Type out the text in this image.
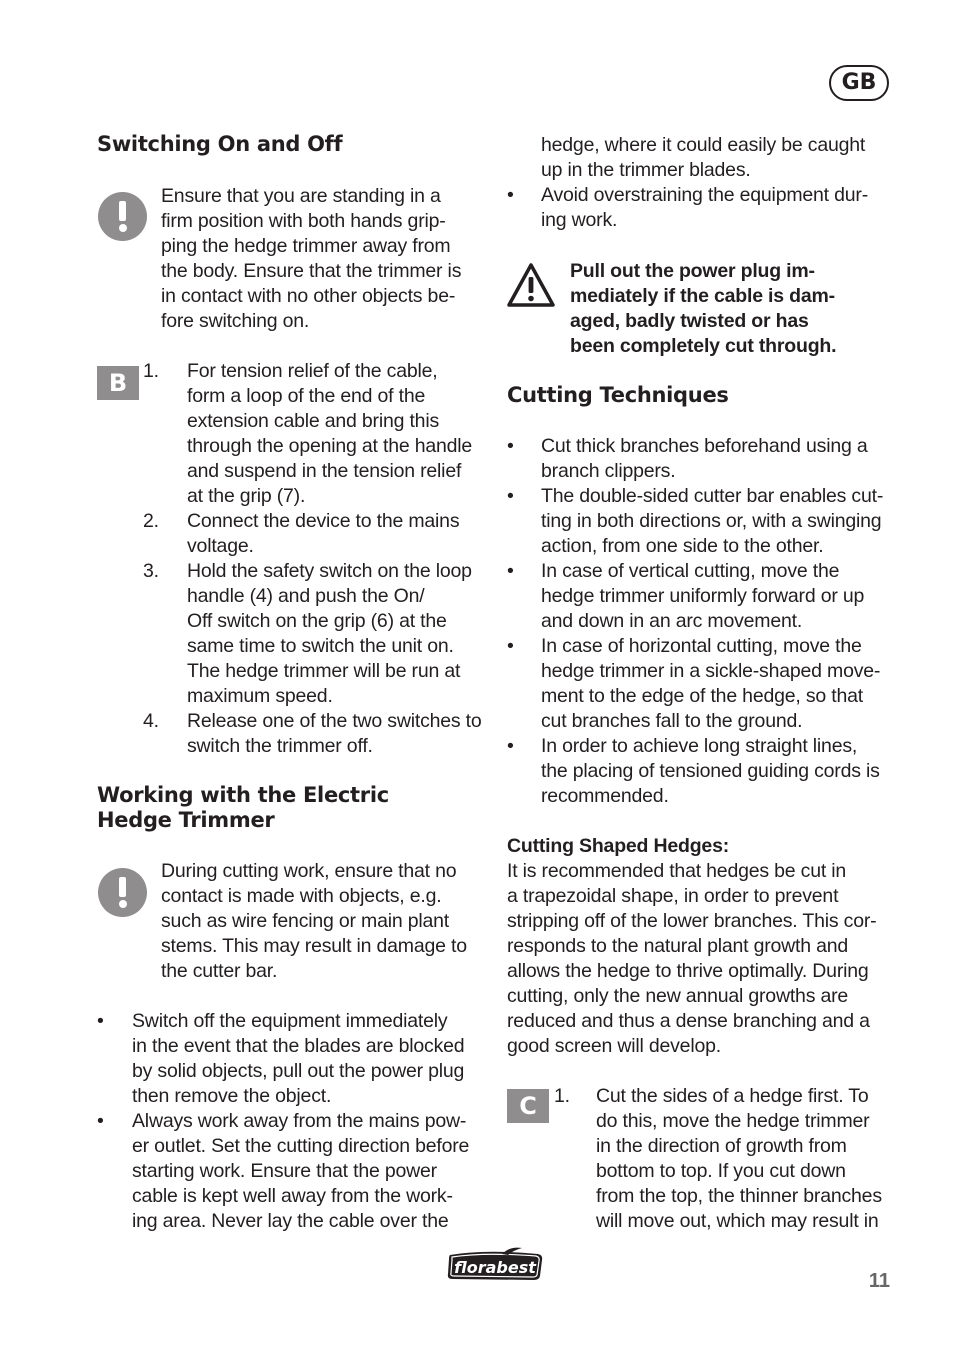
GB
Switching On and Off
Ensure that you are standing in a
firm position with both hands grip-
ping the hedge trimmer away from
the body. Ensure that the trimmer is
in contact with no other objects be-
fore switching on.
B 1. For tension relief of the cable,
form a loop of the end of the
extension cable and bring this
through the opening at the handle
and suspend in the tension relief
at the grip (7).
2. Connect the device to the mains
voltage.
3. Hold the safety switch on the loop
handle (4) and push the On/
Off switch on the grip (6) at the
same time to switch the unit on.
The hedge trimmer will be run at
maximum speed.
4. Release one of the two switches to
switch the trimmer off.
Working with the Electric
Hedge Trimmer
During cutting work, ensure that no
contact is made with objects, e.g.
such as wire fencing or main plant
stems. This may result in damage to
the cutter bar.
• Switch off the equipment immediately
in the event that the blades are blocked
by solid objects, pull out the power plug
then remove the object.
• Always work away from the mains pow-
er outlet. Set the cutting direction before
starting work. Ensure that the power
cable is kept well away from the work-
ing area. Never lay the cable over the
hedge, where it could easily be caught
up in the trimmer blades.
• Avoid overstraining the equipment dur-
ing work.
Pull out the power plug im-
mediately if the cable is dam-
aged, badly twisted or has
been completely cut through.
Cutting Techniques
• Cut thick branches beforehand using a
branch clippers.
• The double-sided cutter bar enables cut-
ting in both directions or, with a swinging
action, from one side to the other.
• In case of vertical cutting, move the
hedge trimmer uniformly forward or up
and down in an arc movement.
• In case of horizontal cutting, move the
hedge trimmer in a sickle-shaped move-
ment to the edge of the hedge, so that
cut branches fall to the ground.
• In order to achieve long straight lines,
the placing of tensioned guiding cords is
recommended.
Cutting Shaped Hedges:
It is recommended that hedges be cut in
a trapezoidal shape, in order to prevent
stripping off of the lower branches. This cor-
responds to the natural plant growth and
allows the hedge to thrive optimally. During
cutting, only the new annual growths are
reduced and thus a dense branching and a
good screen will develop.
C 1. Cut the sides of a hedge first. To
do this, move the hedge trimmer
in the direction of growth from
bottom to top. If you cut down
from the top, the thinner branches
will move out, which may result in
florabest
11
